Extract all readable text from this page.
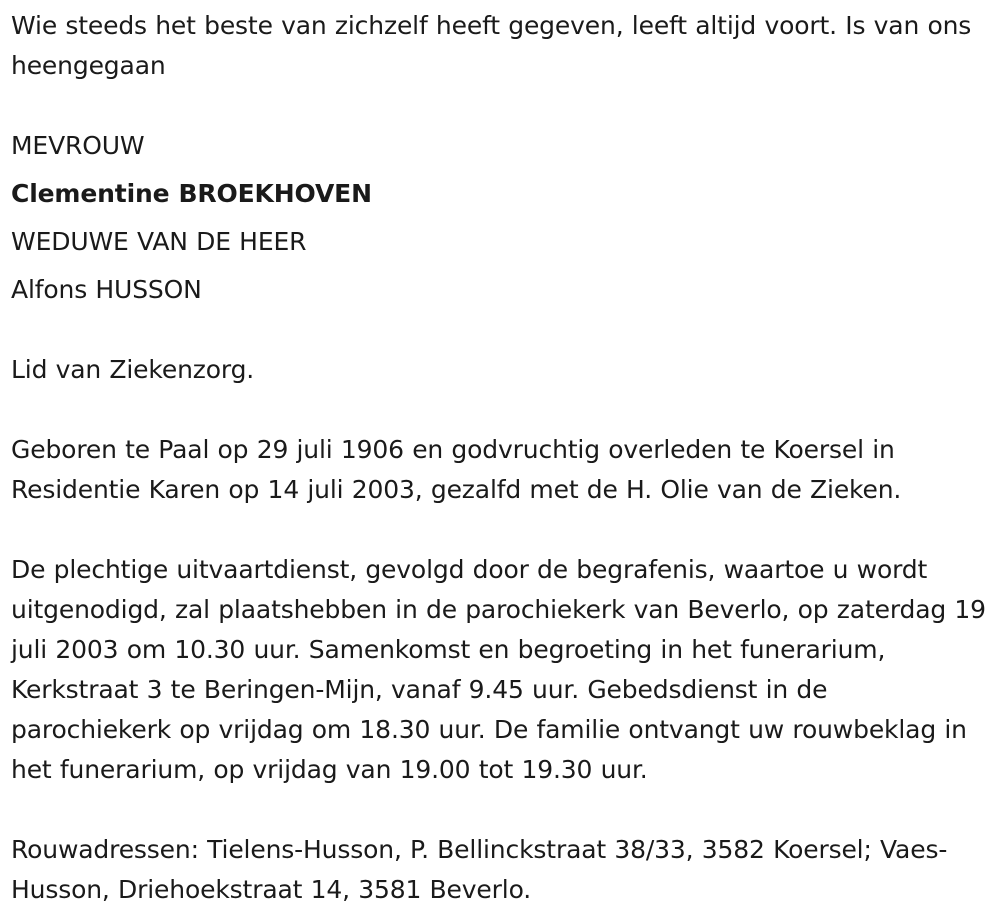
Wie steeds het beste van zichzelf heeft gegeven, leeft altijd voort. Is van ons heengegaan

MEVROUW

Clementine BROEKHOVEN

WEDUWE VAN DE HEER

Alfons HUSSON

Lid van Ziekenzorg.

Geboren te Paal op 29 juli 1906 en godvruchtig overleden te Koersel in Residentie Karen op 14 juli 2003, gezalfd met de H. Olie van de Zieken.

De plechtige uitvaartdienst, gevolgd door de begrafenis, waartoe u wordt uitgenodigd, zal plaatshebben in de parochiekerk van Beverlo, op zaterdag 19 juli 2003 om 10.30 uur. Samenkomst en begroeting in het funerarium, Kerkstraat 3 te Beringen-Mijn, vanaf 9.45 uur. Gebedsdienst in de parochiekerk op vrijdag om 18.30 uur. De familie ontvangt uw rouwbeklag in het funerarium, op vrijdag van 19.00 tot 19.30 uur.

Rouwadressen: Tielens-Husson, P. Bellinckstraat 38/33, 3582 Koersel; Vaes-Husson, Driehoekstraat 14, 3581 Beverlo.
